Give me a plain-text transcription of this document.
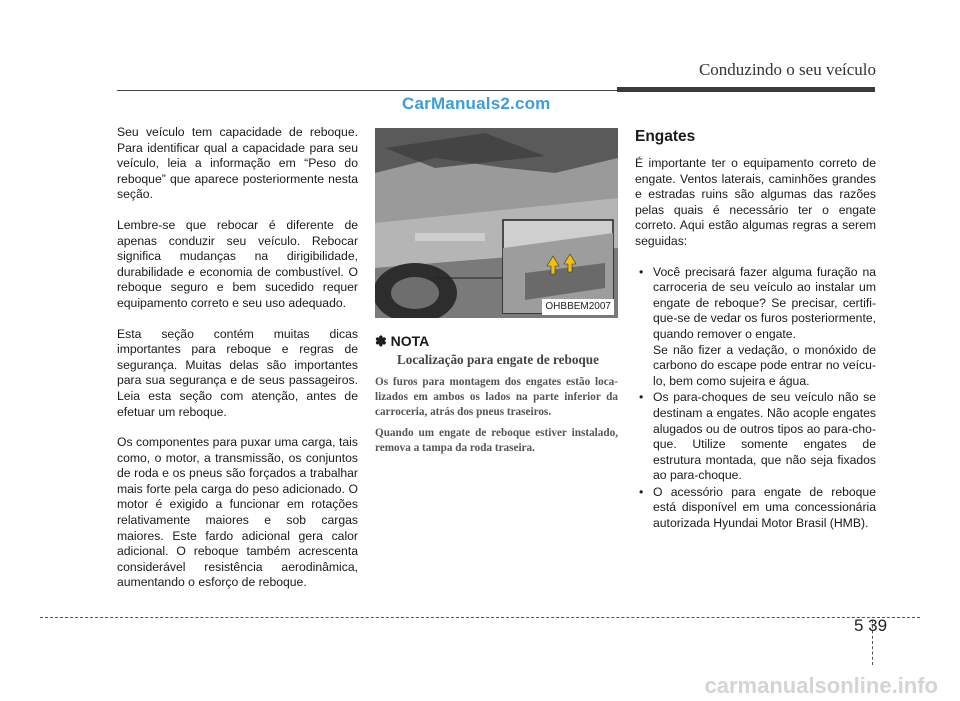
Conduzindo o seu veículo
CarManuals2.com

Seu veículo tem capacidade de reboque. Para identificar qual a capacidade para seu veículo, leia a informação em “Peso do reboque” que aparece posteriormente nesta seção.

Lembre-se que rebocar é diferente de apenas conduzir seu veículo. Rebocar significa mudanças na dirigibilidade, durabilidade e economia de combustível. O reboque seguro e bem sucedido requer equipamento correto e seu uso adequado.

Esta seção contém muitas dicas importantes para reboque e regras de segurança. Muitas delas são importantes para sua segurança e de seus passageiros. Leia esta seção com atenção, antes de efetuar um reboque.

Os componentes para puxar uma carga, tais como, o motor, a transmissão, os conjuntos de roda e os pneus são forçados a trabalhar mais forte pela carga do peso adicionado. O motor é exigido a funcionar em rotações relativamente maiores e sob cargas maiores. Este fardo adicional gera calor adicional. O reboque também acrescenta considerável resistência aerodinâmica, aumentando o esforço de reboque.

OHBBEM2007
✽ NOTA
Localização para engate de reboque

Os furos para montagem dos engates estão localizados em ambos os lados na parte inferior da carroceria, atrás dos pneus traseiros.

Quando um engate de reboque estiver instalado, remova a tampa da roda traseira.

Engates

É importante ter o equipamento correto de engate. Ventos laterais, caminhões grandes e estradas ruins são algumas das razões pelas quais é necessário ter o engate correto. Aqui estão algumas regras a serem seguidas:

• Você precisará fazer alguma furação na carroceria de seu veículo ao instalar um engate de reboque? Se precisar, certifique-se de vedar os furos posteriormente, quando remover o engate.
Se não fizer a vedação, o monóxido de carbono do escape pode entrar no veículo, bem como sujeira e água.
• Os para-choques de seu veículo não se destinam a engates. Não acople engates alugados ou de outros tipos ao para-choque. Utilize somente engates de estrutura montada, que não seja fixados ao para-choque.
• O acessório para engate de reboque está disponível em uma concessionária autorizada Hyundai Motor Brasil (HMB).
5 39
carmanualsonline.info
